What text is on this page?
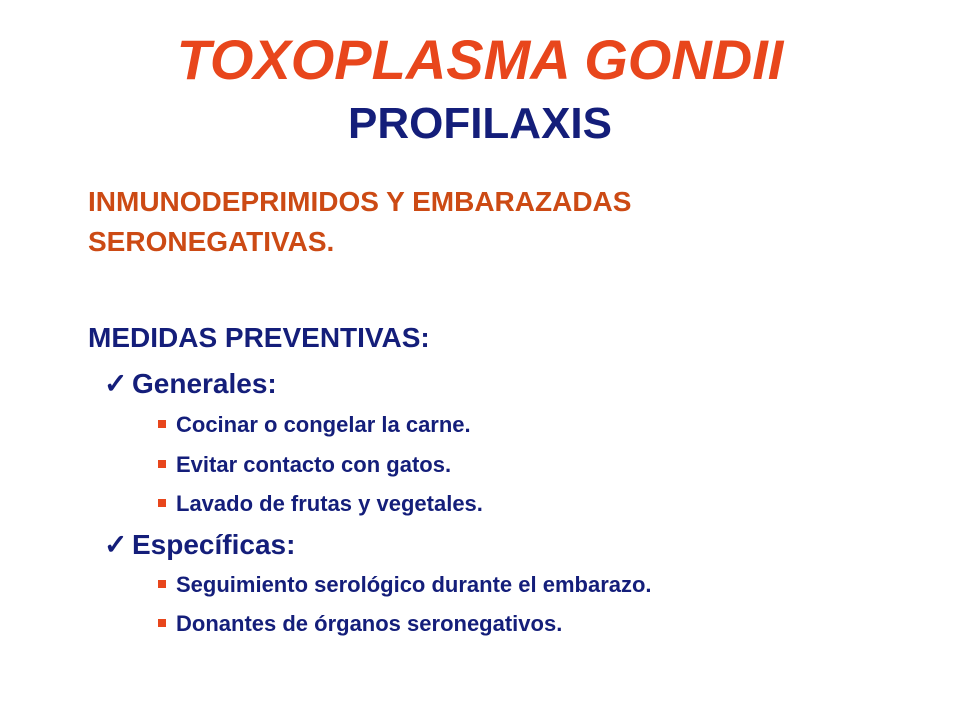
TOXOPLASMA GONDII
PROFILAXIS
INMUNODEPRIMIDOS Y EMBARAZADAS
SERONEGATIVAS.
MEDIDAS PREVENTIVAS:
✓ Generales:
Cocinar o congelar la carne.
Evitar contacto con gatos.
Lavado de frutas y vegetales.
✓ Específicas:
Seguimiento serológico durante el embarazo.
Donantes de órganos seronegativos.
